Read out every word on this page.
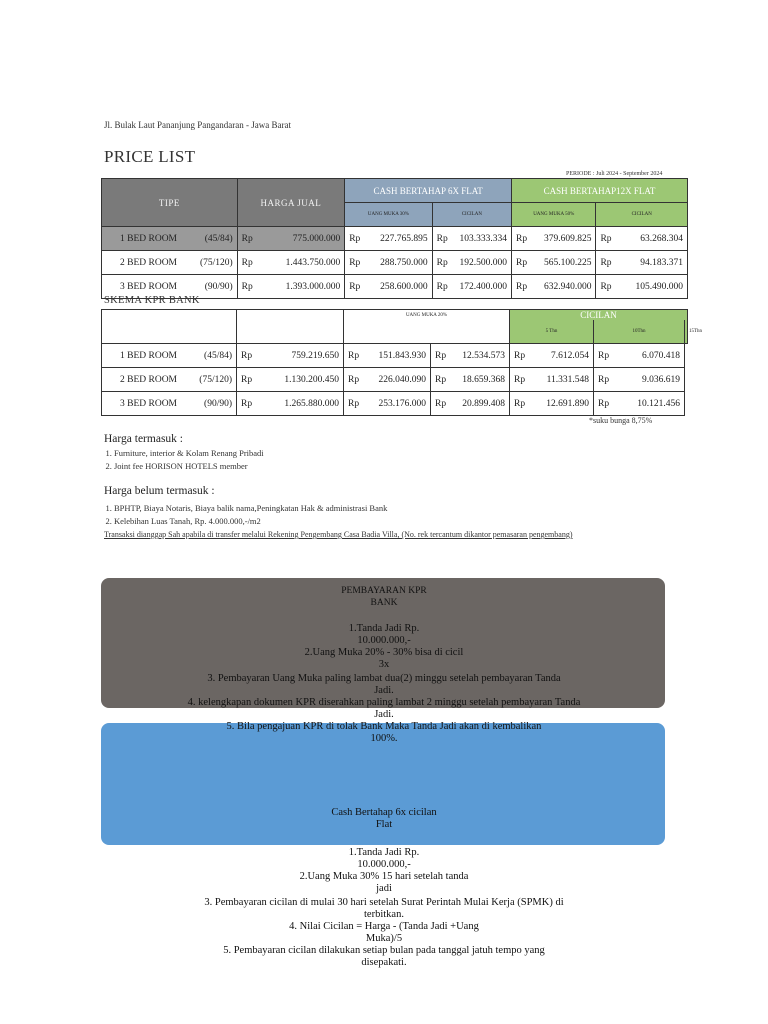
Jl. Bulak Laut Pananjung Pangandaran - Jawa Barat
PRICE LIST
PERIODE : Juli 2024 - September 2024
TIPE	HARGA JUAL	CASH BERTAHAP 6X FLAT		CASH BERTAHAP12X FLAT	
		UANG MUKA 30%	CICILAN	UANG MUKA 50%	CICILAN

1 BED ROOM (45/84)	Rp 775.000.000	Rp 227.765.895	Rp 103.333.334	Rp 379.609.825	Rp 63.268.304

2 BED ROOM (75/120)	Rp 1.443.750.000	Rp 288.750.000	Rp 192.500.000	Rp 565.100.225	Rp 94.183.371

3 BED ROOM (90/90)	Rp 1.393.000.000	Rp 258.600.000	Rp 172.400.000	Rp 632.940.000	Rp 105.490.000
SKEMA KPR BANK
		UANG MUKA 20%		CICILAN		
				5 Thn	10Thn	15Thn

1 BED ROOM (45/84)	Rp 759.219.650	Rp 151.843.930	Rp 12.534.573	Rp 7.612.054	Rp 6.070.418	

2 BED ROOM (75/120)	Rp 1.130.200.450	Rp 226.040.090	Rp 18.659.368	Rp 11.331.548	Rp 9.036.619	

3 BED ROOM (90/90)	Rp 1.265.880.000	Rp 253.176.000	Rp 20.899.408	Rp 12.691.890	Rp 10.121.456	
*suku bunga 8,75%
Harga termasuk :
1. Furniture, interior & Kolam Renang Pribadi
2. Joint fee HORISON HOTELS member
Harga belum termasuk :
1. BPHTP, Biaya Notaris, Biaya balik nama,Peningkatan Hak & administrasi Bank
2. Kelebihan Luas Tanah, Rp. 4.000.000,-/m2
Transaksi dianggap Sah apabila di transfer melalui Rekening Pengembang Casa Badia Villa, (No. rek tercantum dikantor pemasaran pengembang)
PEMBAYARAN KPR
BANK
1.Tanda Jadi Rp.
10.000.000,-
2.Uang Muka 20% - 30% bisa di cicil
3x
3. Pembayaran Uang Muka paling lambat dua(2) minggu setelah pembayaran Tanda
Jadi.
4. kelengkapan dokumen KPR diserahkan paling lambat 2 minggu setelah pembayaran Tanda
Jadi.
5. Bila pengajuan KPR di tolak Bank Maka Tanda Jadi akan di kembalikan
100%.
Cash Bertahap 6x cicilan
Flat
1.Tanda Jadi Rp.
10.000.000,-
2.Uang Muka 30% 15 hari setelah tanda
jadi
3. Pembayaran cicilan di mulai 30 hari setelah Surat Perintah Mulai Kerja (SPMK) di
terbitkan.
4. Nilai Cicilan = Harga - (Tanda Jadi +Uang
Muka)/5
5. Pembayaran cicilan dilakukan setiap bulan pada tanggal jatuh tempo yang
disepakati.
